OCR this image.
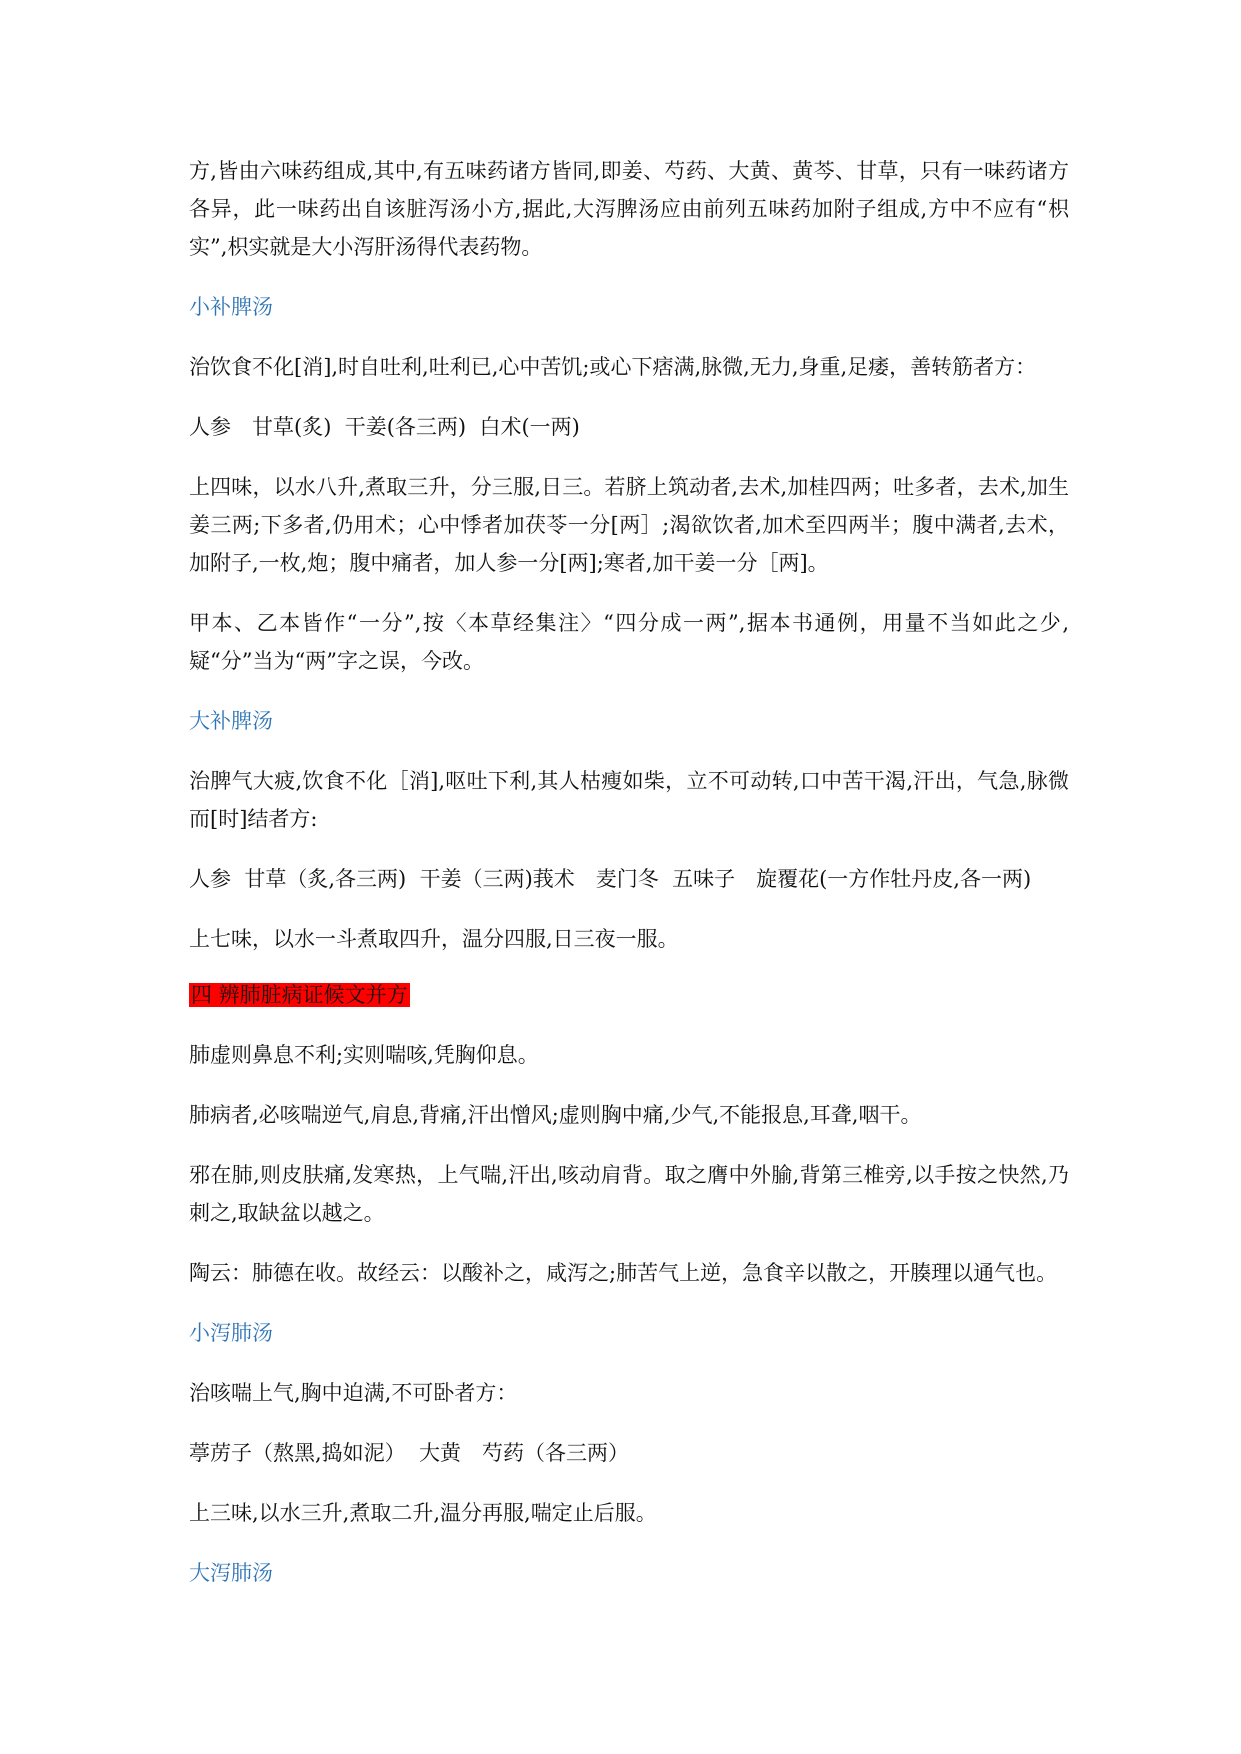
方,皆由六味药组成,其中,有五味药诸方皆同,即姜、芍药、大黄、黄芩、甘草，只有一味药诸方各异，此一味药出自该脏泻汤小方,据此,大泻脾汤应由前列五味药加附子组成,方中不应有“枳实”,枳实就是大小泻肝汤得代表药物。

小补脾汤

治饮食不化[消],时自吐利,吐利已,心中苦饥;或心下痞满,脉微,无力,身重,足痿，善转筋者方：

人参　甘草(炙)  干姜(各三两)  白术(一两)

上四味，以水八升,煮取三升，分三服,日三。若脐上筑动者,去术,加桂四两；吐多者，去术,加生姜三两;下多者,仍用术；心中悸者加茯苓一分[两］;渴欲饮者,加术至四两半；腹中满者,去术，加附子,一枚,炮；腹中痛者，加人参一分[两];寒者,加干姜一分［两]。

甲本、乙本皆作“一分”,按〈本草经集注〉“四分成一两”,据本书通例，用量不当如此之少,疑“分”当为“两”字之误，今改。

大补脾汤

治脾气大疲,饮食不化［消],呕吐下利,其人枯瘦如柴，立不可动转,口中苦干渴,汗出，气急,脉微而[时]结者方:

人参  甘草（炙,各三两)  干姜（三两)莪术　麦门冬  五味子　旋覆花(一方作牡丹皮,各一两)

上七味，以水一斗煮取四升，温分四服,日三夜一服。

四 辨肺脏病证候文并方

肺虚则鼻息不利;实则喘咳,凭胸仰息。

肺病者,必咳喘逆气,肩息,背痛,汗出憎风;虚则胸中痛,少气,不能报息,耳聋,咽干。

邪在肺,则皮肤痛,发寒热，上气喘,汗出,咳动肩背。取之膺中外腧,背第三椎旁,以手按之快然,乃刺之,取缺盆以越之。

陶云：肺德在收。故经云：以酸补之，咸泻之;肺苦气上逆，急食辛以散之，开腠理以通气也。

小泻肺汤

治咳喘上气,胸中迫满,不可卧者方：

葶苈子（熬黑,捣如泥）  大黄　芍药（各三两）

上三味,以水三升,煮取二升,温分再服,喘定止后服。

大泻肺汤
